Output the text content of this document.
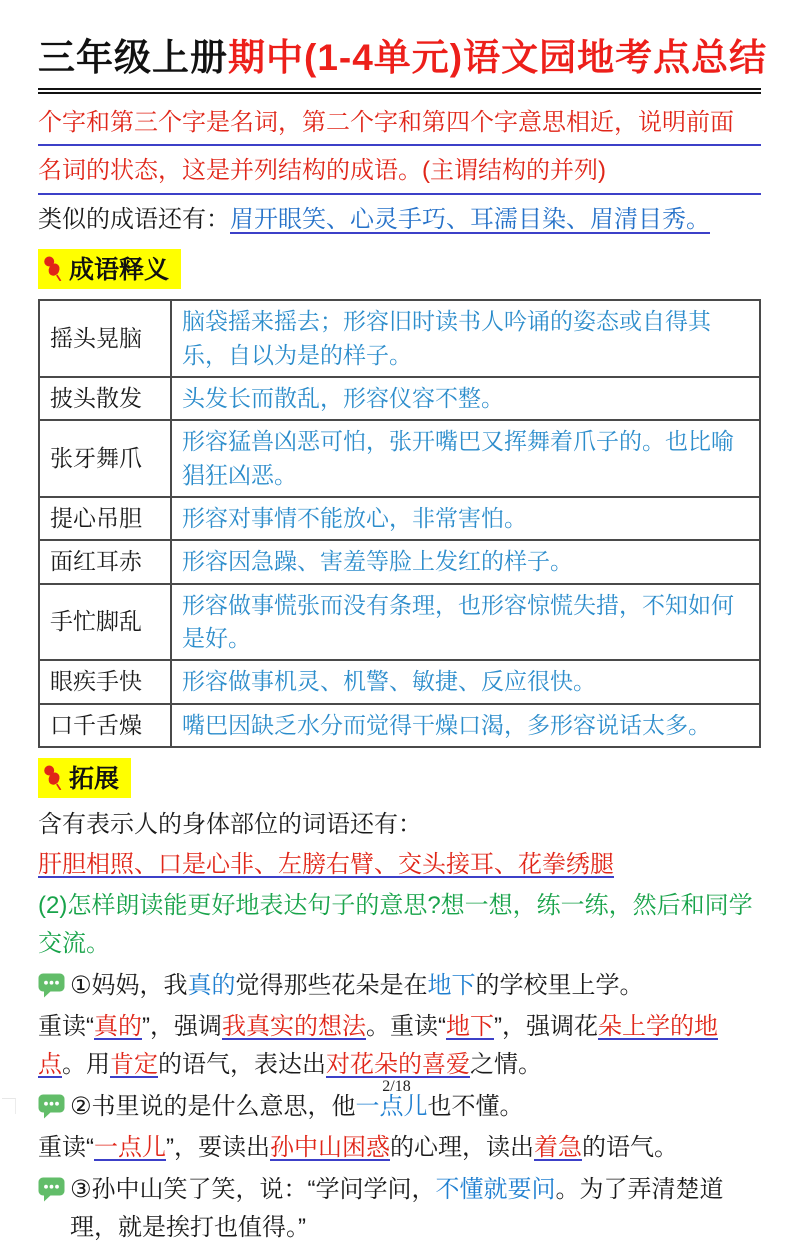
三年级上册期中(1-4单元)语文园地考点总结
个字和第三个字是名词，第二个字和第四个字意思相近，说明前面
名词的状态，这是并列结构的成语。(主谓结构的并列)
类似的成语还有：眉开眼笑、心灵手巧、耳濡目染、眉清目秀。
成语释义
摇头晃脑	脑袋摇来摇去；形容旧时读书人吟诵的姿态或自得其乐，自以为是的样子。
披头散发	头发长而散乱，形容仪容不整。
张牙舞爪	形容猛兽凶恶可怕，张开嘴巴又挥舞着爪子的。也比喻猖狂凶恶。
提心吊胆	形容对事情不能放心，非常害怕。
面红耳赤	形容因急躁、害羞等脸上发红的样子。
手忙脚乱	形容做事慌张而没有条理，也形容惊慌失措，不知如何是好。
眼疾手快	形容做事机灵、机警、敏捷、反应很快。
口千舌燥	嘴巴因缺乏水分而觉得干燥口渴，多形容说话太多。
拓展
含有表示人的身体部位的词语还有：
肝胆相照、口是心非、左膀右臂、交头接耳、花拳绣腿
(2)怎样朗读能更好地表达句子的意思?想一想，练一练，然后和同学交流。
①妈妈，我真的觉得那些花朵是在地下的学校里上学。
重读“真的”，强调我真实的想法。重读“地下”，强调花朵上学的地点。用肯定的语气，表达出对花朵的喜爱之情。
②书里说的是什么意思，他一点儿也不懂。
重读“一点儿”，要读出孙中山困惑的心理，读出着急的语气。
③孙中山笑了笑，说：“学问学问，不懂就要问。为了弄清楚道理，就是挨打也值得。”
2/18
